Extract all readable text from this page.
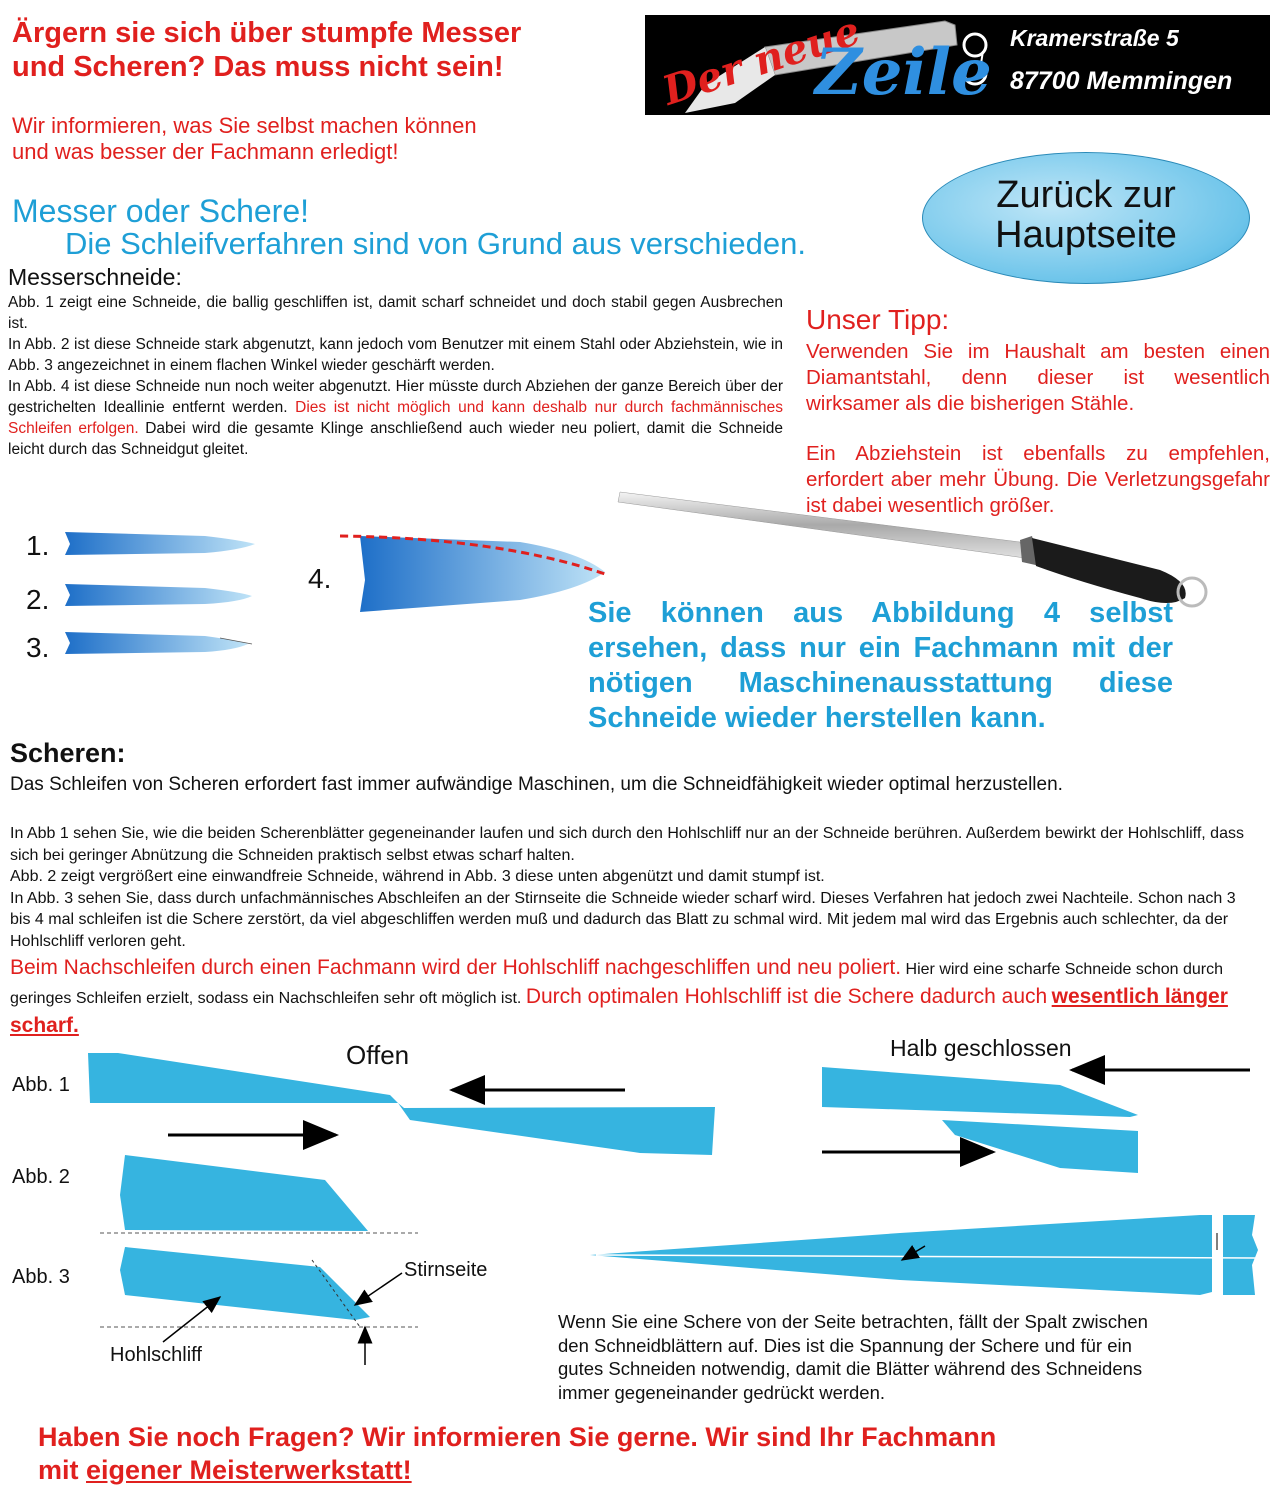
Ärgern sie sich über stumpfe Messer
und Scheren? Das muss nicht sein!
Wir informieren, was Sie selbst machen können
und was besser der Fachmann erledigt!
Der neue
Zeile Kramerstraße 5
87700 Memmingen
Zurück zur
Hauptseite
Messer oder Schere!
Die Schleifverfahren sind von Grund aus verschieden.
Messerschneide:
Abb. 1 zeigt eine Schneide, die ballig geschliffen ist, damit scharf schneidet und doch stabil gegen Ausbrechen ist.
In Abb. 2 ist diese Schneide stark abgenutzt, kann jedoch vom Benutzer mit einem Stahl oder Abziehstein, wie in Abb. 3 angezeichnet in einem flachen Winkel wieder geschärft werden.
In Abb. 4 ist diese Schneide nun noch weiter abgenutzt. Hier müsste durch Abziehen der ganze Bereich über der gestrichelten Ideallinie entfernt werden. Dies ist nicht möglich und kann deshalb nur durch fachmännisches Schleifen erfolgen. Dabei wird die gesamte Klinge anschließend auch wieder neu poliert, damit die Schneide leicht durch das Schneidgut gleitet.
Unser Tipp:
Verwenden Sie im Haushalt am besten einen Diamantstahl, denn dieser ist wesentlich wirksamer als die bisherigen Stähle.
Ein Abziehstein ist ebenfalls zu empfehlen, erfordert aber mehr Übung. Die Verletzungsgefahr ist dabei wesentlich größer.
1.
2.
3.
4.
Sie können aus Abbildung 4 selbst ersehen, dass nur ein Fachmann mit der nötigen Maschinenausstattung diese Schneide wieder herstellen kann.
Scheren:
Das Schleifen von Scheren erfordert fast immer aufwändige Maschinen, um die Schneidfähigkeit wieder optimal herzustellen.
In Abb 1 sehen Sie, wie die beiden Scherenblätter gegeneinander laufen und sich durch den Hohlschliff nur an der Schneide berühren. Außerdem bewirkt der Hohlschliff, dass sich bei geringer Abnützung die Schneiden praktisch selbst etwas scharf halten.
Abb. 2 zeigt vergrößert eine einwandfreie Schneide, während in Abb. 3 diese unten abgenützt und damit stumpf ist.
In Abb. 3 sehen Sie, dass durch unfachmännisches Abschleifen an der Stirnseite die Schneide wieder scharf wird. Dieses Verfahren hat jedoch zwei Nachteile. Schon nach 3 bis 4 mal schleifen ist die Schere zerstört, da viel abgeschliffen werden muß und dadurch das Blatt zu schmal wird. Mit jedem mal wird das Ergebnis auch schlechter, da der Hohlschliff verloren geht.
Beim Nachschleifen durch einen Fachmann wird der Hohlschliff nachgeschliffen und neu poliert. Hier wird eine scharfe Schneide schon durch geringes Schleifen erzielt, sodass ein Nachschleifen sehr oft möglich ist. Durch optimalen Hohlschliff ist die Schere dadurch auch wesentlich länger scharf.
Offen	Halb geschlossen
Abb. 1
Abb. 2
Abb. 3	Stirnseite
Hohlschliff
Wenn Sie eine Schere von der Seite betrachten, fällt der Spalt zwischen
den Schneidblättern auf. Dies ist die Spannung der Schere und für ein
gutes Schneiden notwendig, damit die Blätter während des Schneidens
immer gegeneinander gedrückt werden.
Haben Sie noch Fragen? Wir informieren Sie gerne. Wir sind Ihr Fachmann
mit eigener Meisterwerkstatt!
